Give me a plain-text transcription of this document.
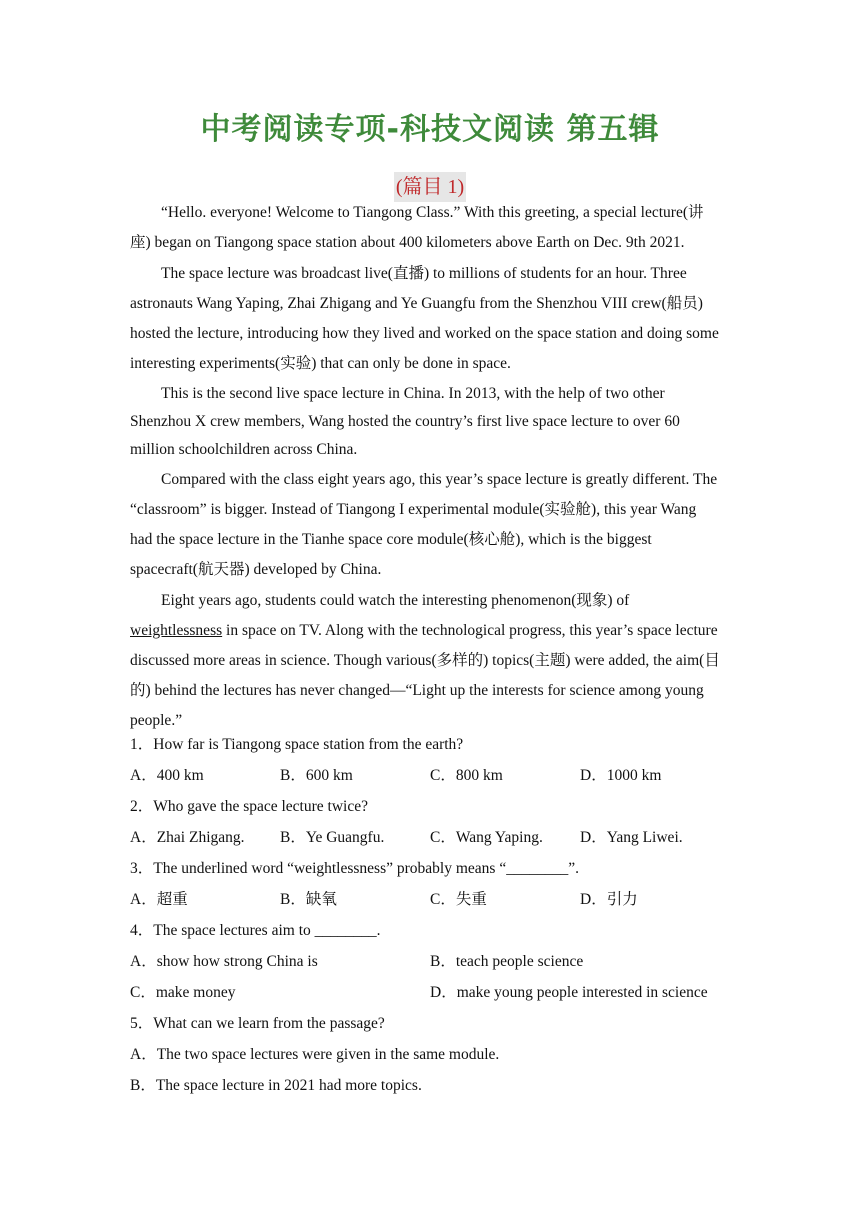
中考阅读专项-科技文阅读 第五辑
(篇目 1)

“Hello. everyone! Welcome to Tiangong Class.” With this greeting, a special lecture(讲座) began on Tiangong space station about 400 kilometers above Earth on Dec. 9th 2021.

The space lecture was broadcast live(直播) to millions of students for an hour. Three astronauts Wang Yaping, Zhai Zhigang and Ye Guangfu from the Shenzhou VIII crew(船员) hosted the lecture, introducing how they lived and worked on the space station and doing some interesting experiments(实验) that can only be done in space.

This is the second live space lecture in China. In 2013, with the help of two other Shenzhou X crew members, Wang hosted the country’s first live space lecture to over 60 million schoolchildren across China.

Compared with the class eight years ago, this year’s space lecture is greatly different. The “classroom” is bigger. Instead of Tiangong I experimental module(实验舱), this year Wang had the space lecture in the Tianhe space core module(核心舱), which is the biggest spacecraft(航天器) developed by China.

Eight years ago, students could watch the interesting phenomenon(现象) of weightlessness in space on TV. Along with the technological progress, this year’s space lecture discussed more areas in science. Though various(多样的) topics(主题) were added, the aim(目的) behind the lectures has never changed—“Light up the interests for science among young people.”

1．How far is Tiangong space station from the earth?
A．400 km	B．600 km	C．800 km	D．1000 km
2．Who gave the space lecture twice?
A．Zhai Zhigang. B．Ye Guangfu.	C．Wang Yaping. D．Yang Liwei.
3．The underlined word “weightlessness” probably means “________”.
A．超重	B．缺氧	C．失重	D．引力
4．The space lectures aim to ________.
A．show how strong China is	B．teach people science
C．make money	D．make young people interested in science
5．What can we learn from the passage?
A．The two space lectures were given in the same module.
B．The space lecture in 2021 had more topics.
